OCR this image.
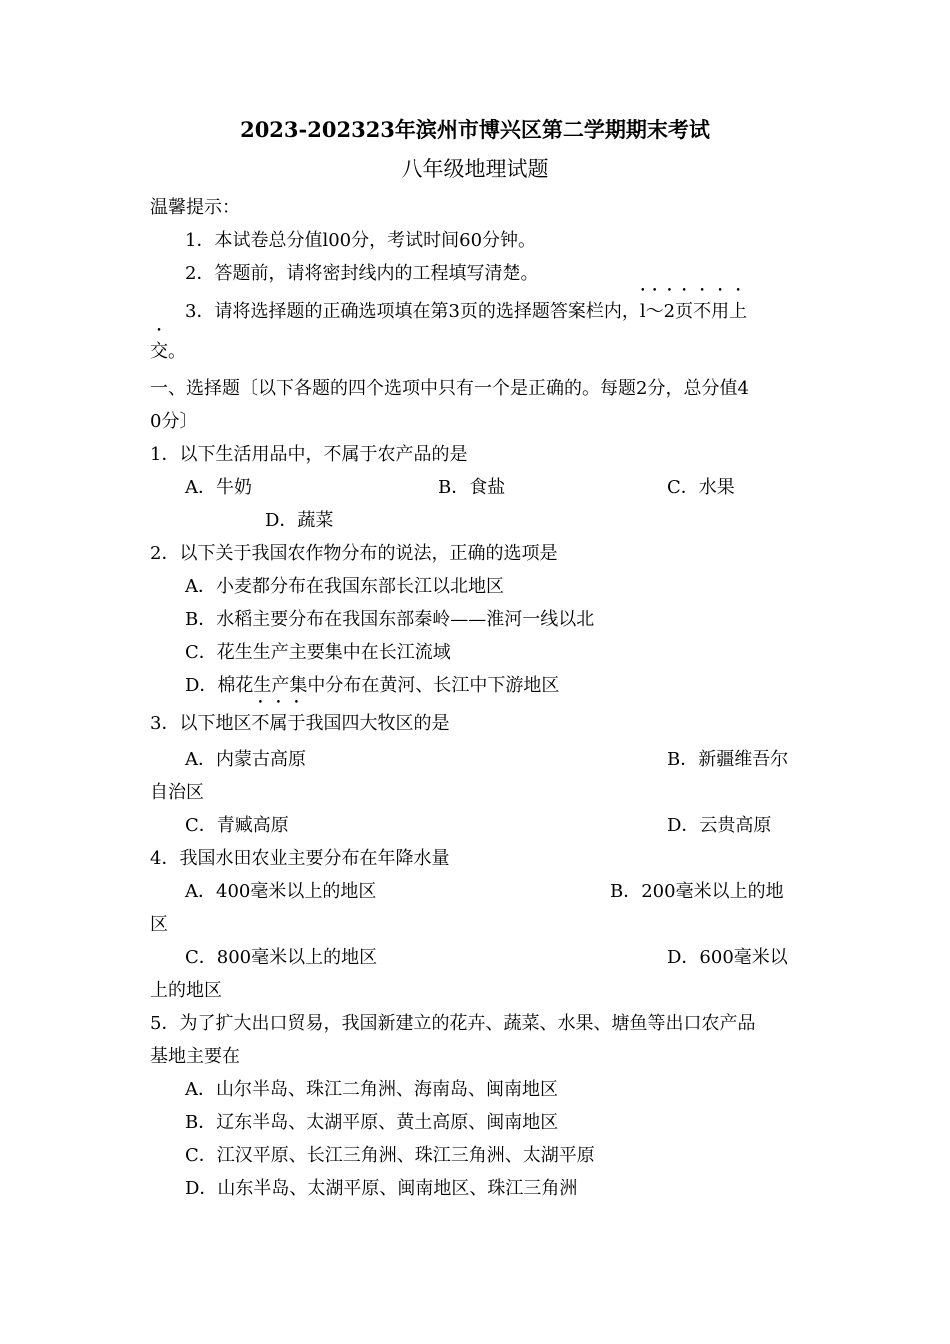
2023-202323年滨州市博兴区第二学期期末考试
八年级地理试题
温馨提示：
1．本试卷总分值l00分，考试时间60分钟。
2．答题前，请将密封线内的工程填写清楚。
3．请将选择题的正确选项填在第3页的选择题答案栏内，• l• ～• 2页不用上
交。
一、选择题〔以下各题的四个选项中只有一个是正确的。每题2分，总分值4
0分〕
1．以下生活用品中，不属于农产品的是
A．牛奶	B．食盐	C．水果
D．蔬菜
2．以下关于我国农作物分布的说法，正确的选项是
A．小麦都分布在我国东部长江以北地区
B．水稻主要分布在我国东部秦岭——淮河一线以北
C．花生生产主要集中在长江流域
D．棉花生产集中分布在黄河、长江中下游地区
3．以下地区不属于我国四大牧区的是
A．内蒙古高原	B．新疆维吾尔
自治区
C．青臧高原	D．云贵高原
4．我国水田农业主要分布在年降水量
A．400毫米以上的地区	B．200毫米以上的地
区
C．800毫米以上的地区	D．600毫米以
上的地区
5．为了扩大出口贸易，我国新建立的花卉、蔬菜、水果、塘鱼等出口农产品
基地主要在
A．山尔半岛、珠江二角洲、海南岛、闽南地区
B．辽东半岛、太湖平原、黄土高原、闽南地区
C．江汉平原、长江三角洲、珠江三角洲、太湖平原
D．山东半岛、太湖平原、闽南地区、珠江三角洲
